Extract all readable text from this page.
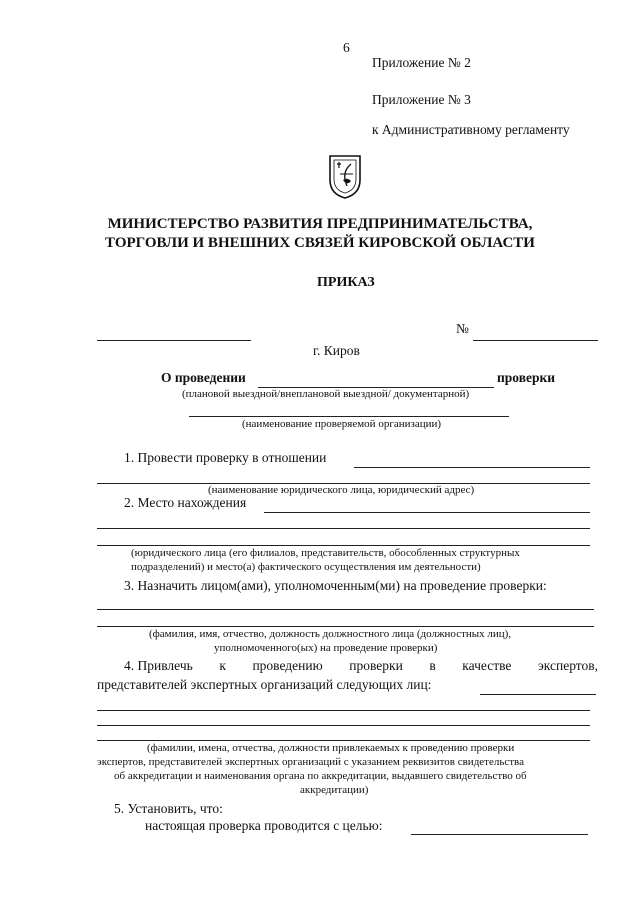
6
Приложение № 2
Приложение № 3
к Административному регламенту
МИНИСТЕРСТВО РАЗВИТИЯ ПРЕДПРИНИМАТЕЛЬСТВА,
ТОРГОВЛИ И ВНЕШНИХ СВЯЗЕЙ КИРОВСКОЙ ОБЛАСТИ
ПРИКАЗ
№
г. Киров
О проведении	проверки
(плановой выездной/внеплановой выездной/ документарной)
(наименование проверяемой организации)
1. Провести проверку в отношении
(наименование юридического лица, юридический адрес)
2. Место нахождения
(юридического лица (его филиалов, представительств, обособленных структурных
подразделений) и место(а) фактического осуществления им деятельности)
3. Назначить лицом(ами), уполномоченным(ми) на проведение проверки:
(фамилия, имя, отчество, должность должностного лица (должностных лиц),
уполномоченного(ых) на проведение проверки)
4. Привлечь к проведению проверки в качестве экспертов,
представителей экспертных организаций следующих лиц:
(фамилии, имена, отчества, должности привлекаемых к проведению проверки
экспертов, представителей экспертных организаций с указанием реквизитов свидетельства
об аккредитации и наименования органа по аккредитации, выдавшего свидетельство об
аккредитации)
5. Установить, что:
настоящая проверка проводится с целью:
